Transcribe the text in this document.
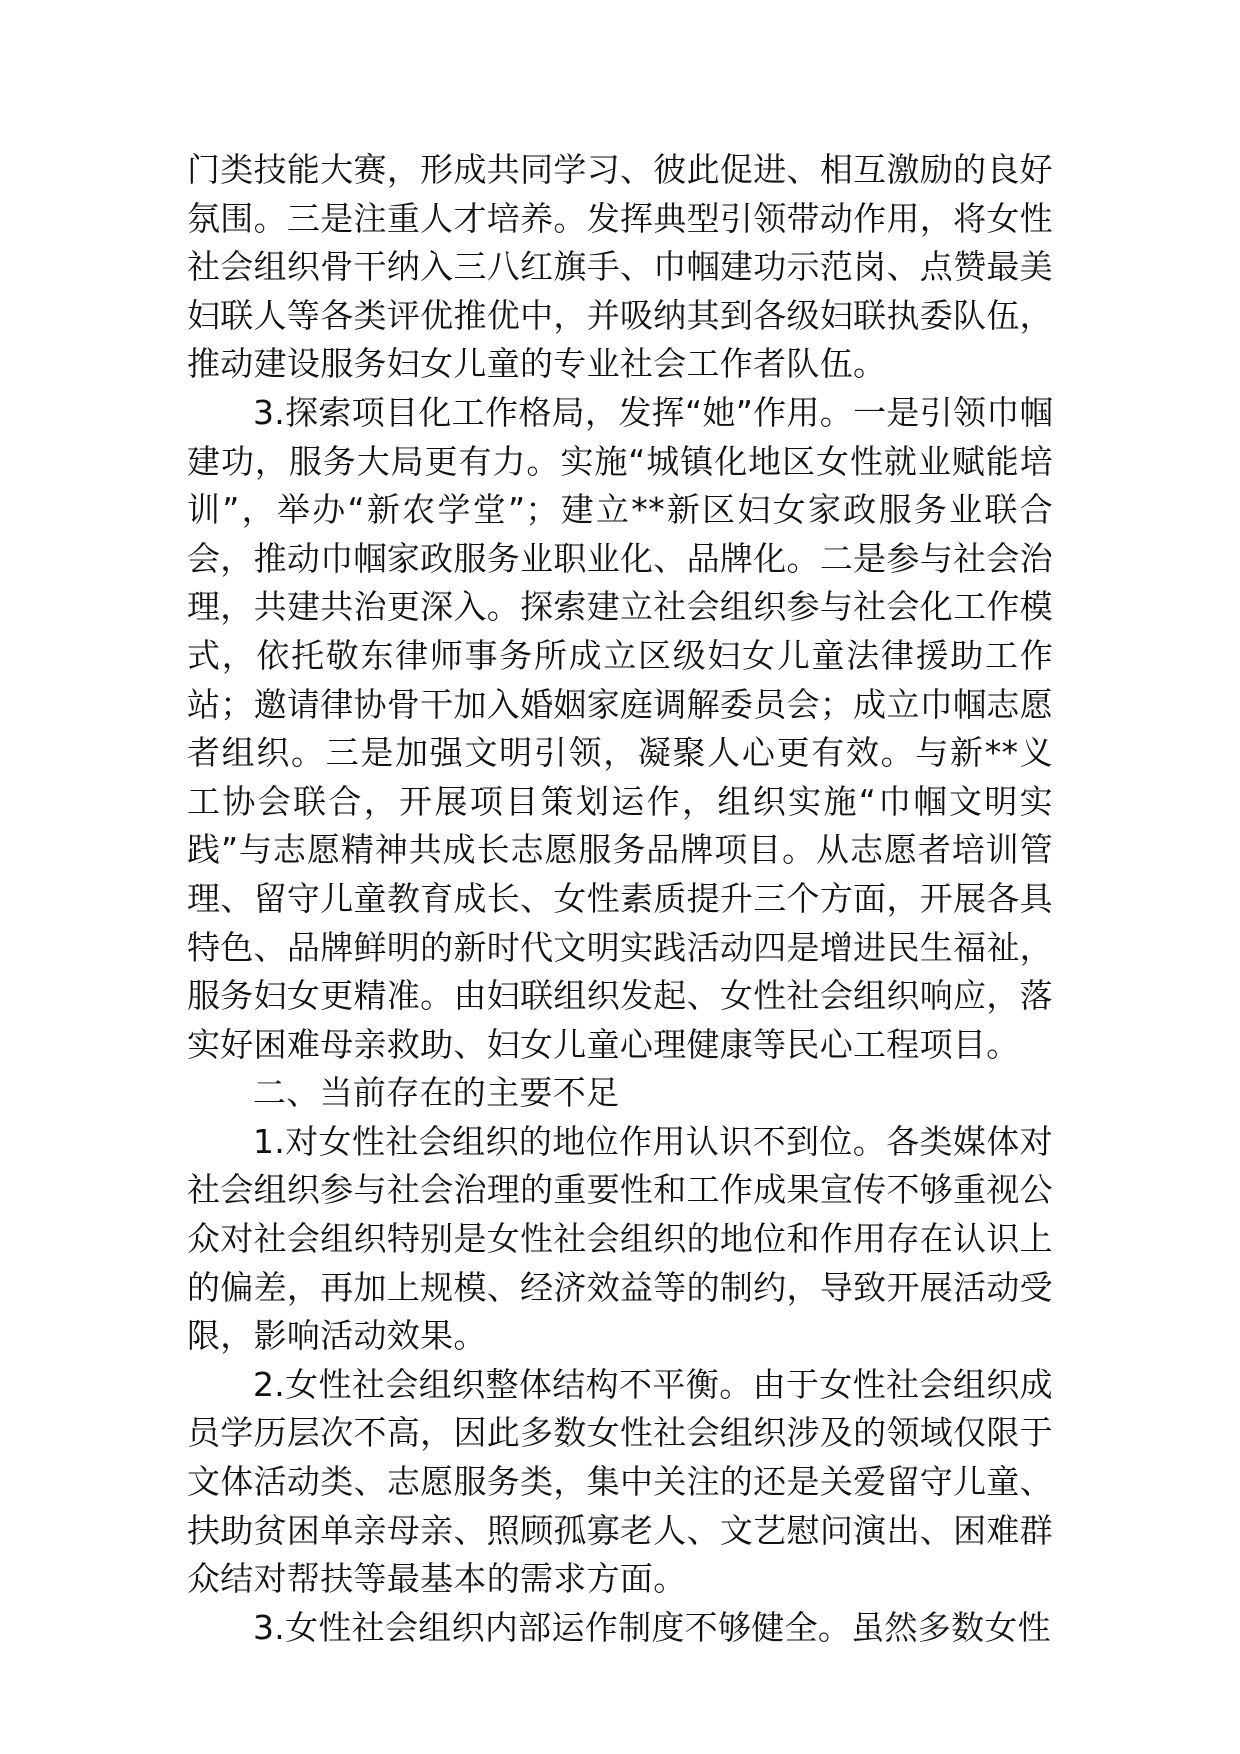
门类技能大赛，形成共同学习、彼此促进、相互激励的良好氛围。三是注重人才培养。发挥典型引领带动作用，将女性社会组织骨干纳入三八红旗手、巾帼建功示范岗、点赞最美妇联人等各类评优推优中，并吸纳其到各级妇联执委队伍，推动建设服务妇女儿童的专业社会工作者队伍。

3.探索项目化工作格局，发挥“她”作用。一是引领巾帼建功，服务大局更有力。实施“城镇化地区女性就业赋能培训”，举办“新农学堂”；建立**新区妇女家政服务业联合会，推动巾帼家政服务业职业化、品牌化。二是参与社会治理，共建共治更深入。探索建立社会组织参与社会化工作模式，依托敬东律师事务所成立区级妇女儿童法律援助工作站；邀请律协骨干加入婚姻家庭调解委员会；成立巾帼志愿者组织。三是加强文明引领，凝聚人心更有效。与新**义工协会联合，开展项目策划运作，组织实施“巾帼文明实践”与志愿精神共成长志愿服务品牌项目。从志愿者培训管理、留守儿童教育成长、女性素质提升三个方面，开展各具特色、品牌鲜明的新时代文明实践活动四是增进民生福祉，服务妇女更精准。由妇联组织发起、女性社会组织响应，落实好困难母亲救助、妇女儿童心理健康等民心工程项目。

二、当前存在的主要不足

1.对女性社会组织的地位作用认识不到位。各类媒体对社会组织参与社会治理的重要性和工作成果宣传不够重视公众对社会组织特别是女性社会组织的地位和作用存在认识上的偏差，再加上规模、经济效益等的制约，导致开展活动受限，影响活动效果。

2.女性社会组织整体结构不平衡。由于女性社会组织成员学历层次不高，因此多数女性社会组织涉及的领域仅限于文体活动类、志愿服务类，集中关注的还是关爱留守儿童、扶助贫困单亲母亲、照顾孤寡老人、文艺慰问演出、困难群众结对帮扶等最基本的需求方面。

3.女性社会组织内部运作制度不够健全。虽然多数女性
